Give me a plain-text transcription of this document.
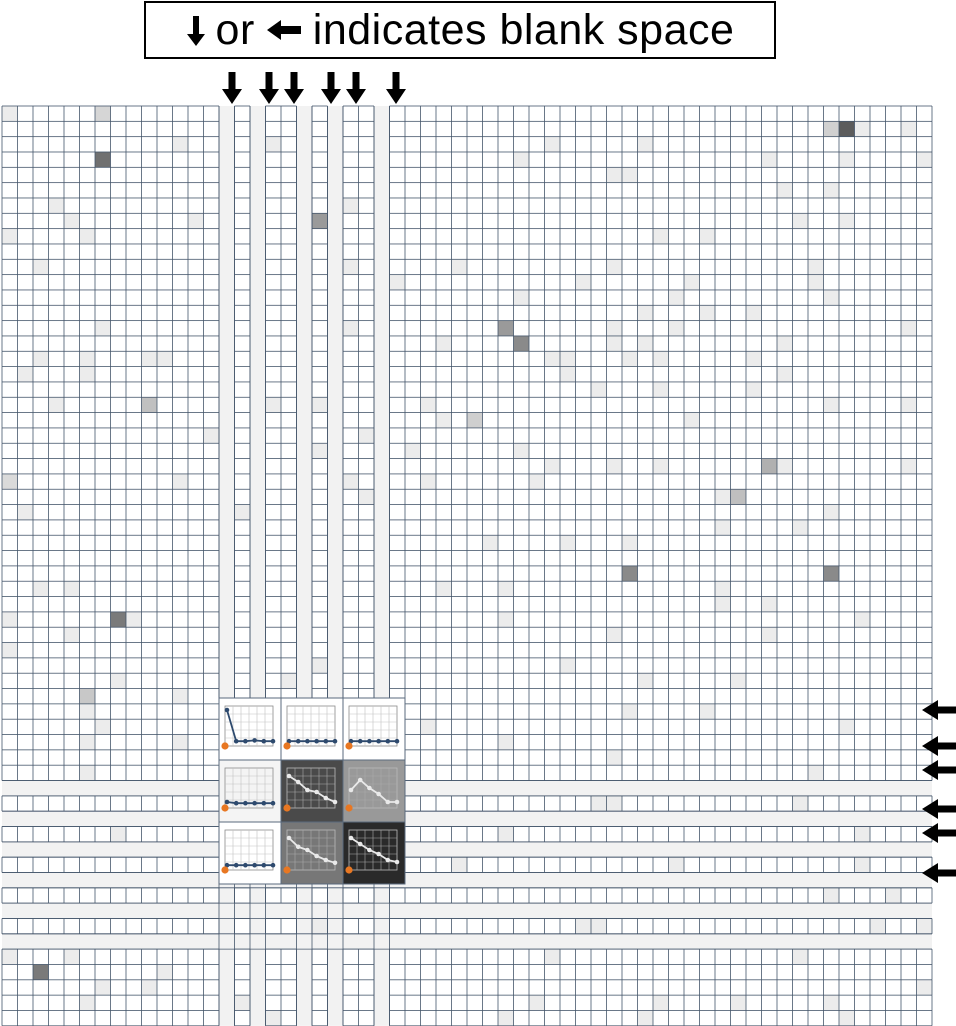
or indicates blank space
